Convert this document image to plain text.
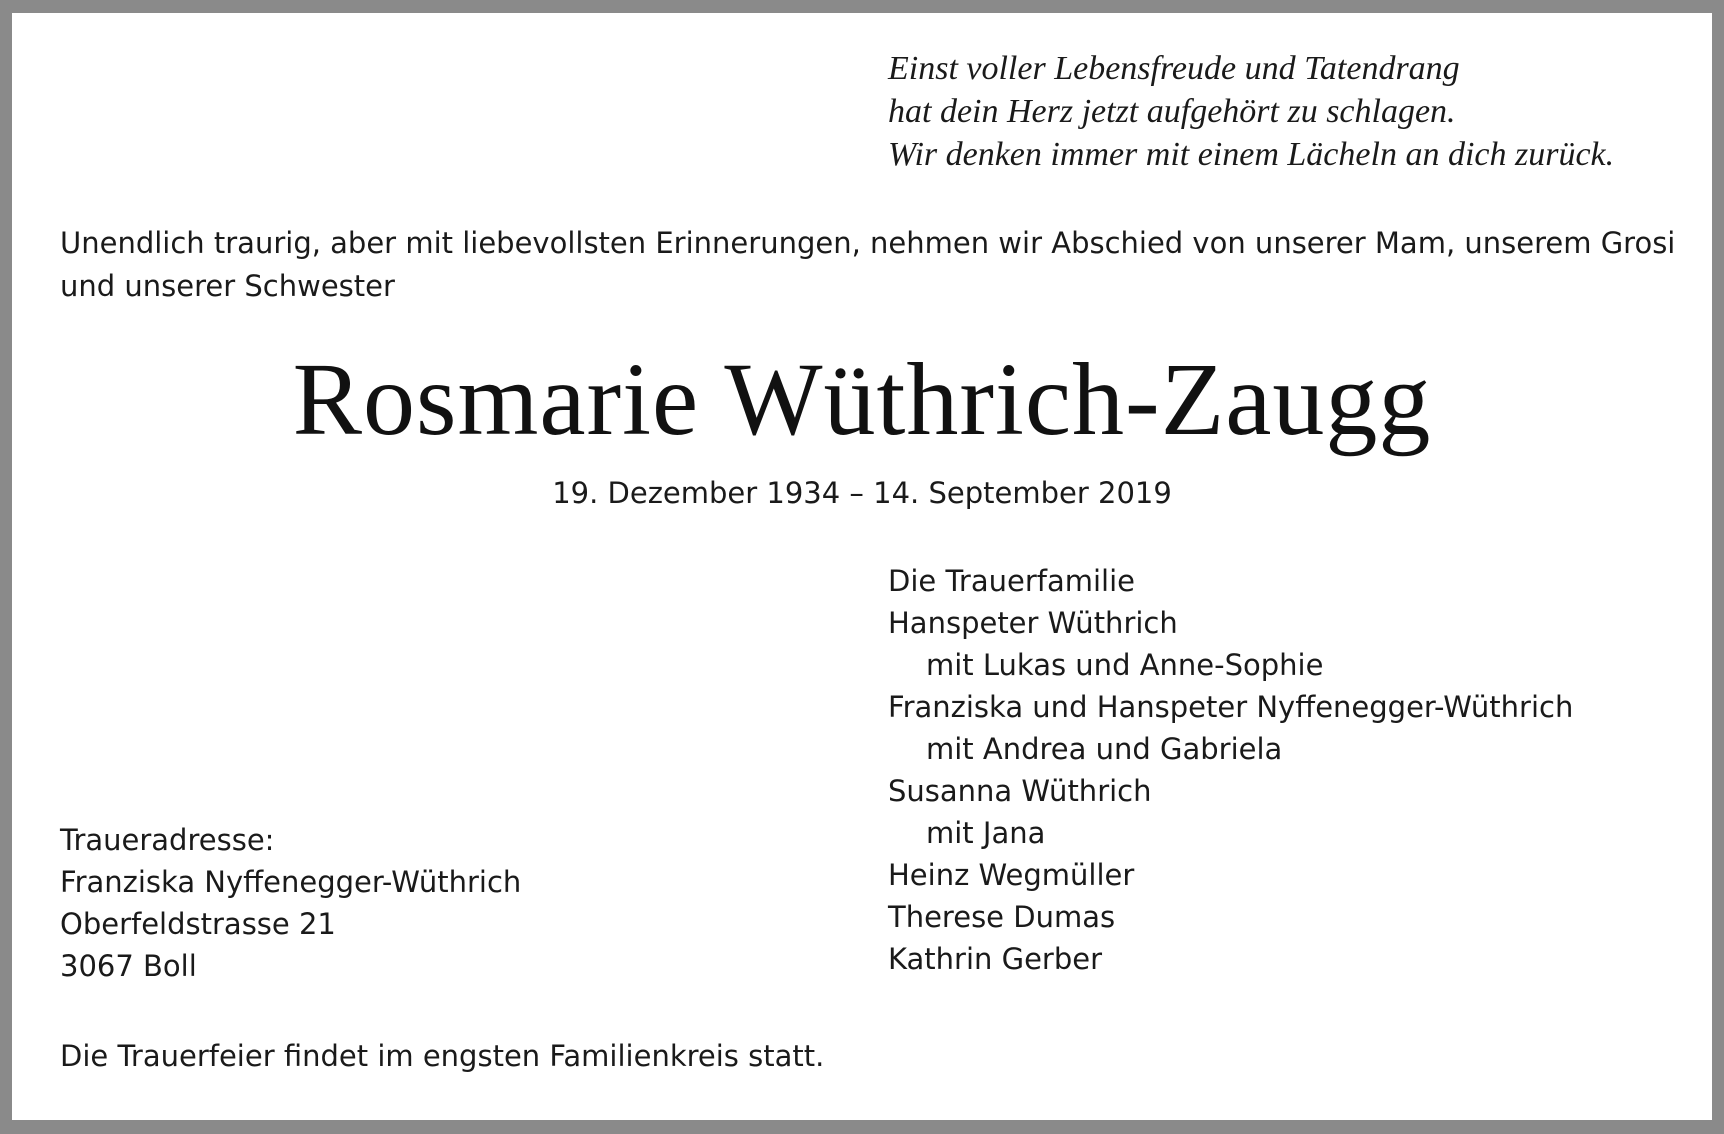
Einst voller Lebensfreude und Tatendrang
hat dein Herz jetzt aufgehört zu schlagen.
Wir denken immer mit einem Lächeln an dich zurück.
Unendlich traurig, aber mit liebevollsten Erinnerungen, nehmen wir Abschied von unserer Mam, unserem Grosi
und unserer Schwester
Rosmarie Wüthrich-Zaugg
19. Dezember 1934 – 14. September 2019
Die Trauerfamilie
Hanspeter Wüthrich
mit Lukas und Anne-Sophie
Franziska und Hanspeter Nyffenegger-Wüthrich
mit Andrea und Gabriela
Susanna Wüthrich
mit Jana
Heinz Wegmüller
Therese Dumas
Kathrin Gerber
Traueradresse:
Franziska Nyffenegger-Wüthrich
Oberfeldstrasse 21
3067 Boll
Die Trauerfeier findet im engsten Familienkreis statt.
